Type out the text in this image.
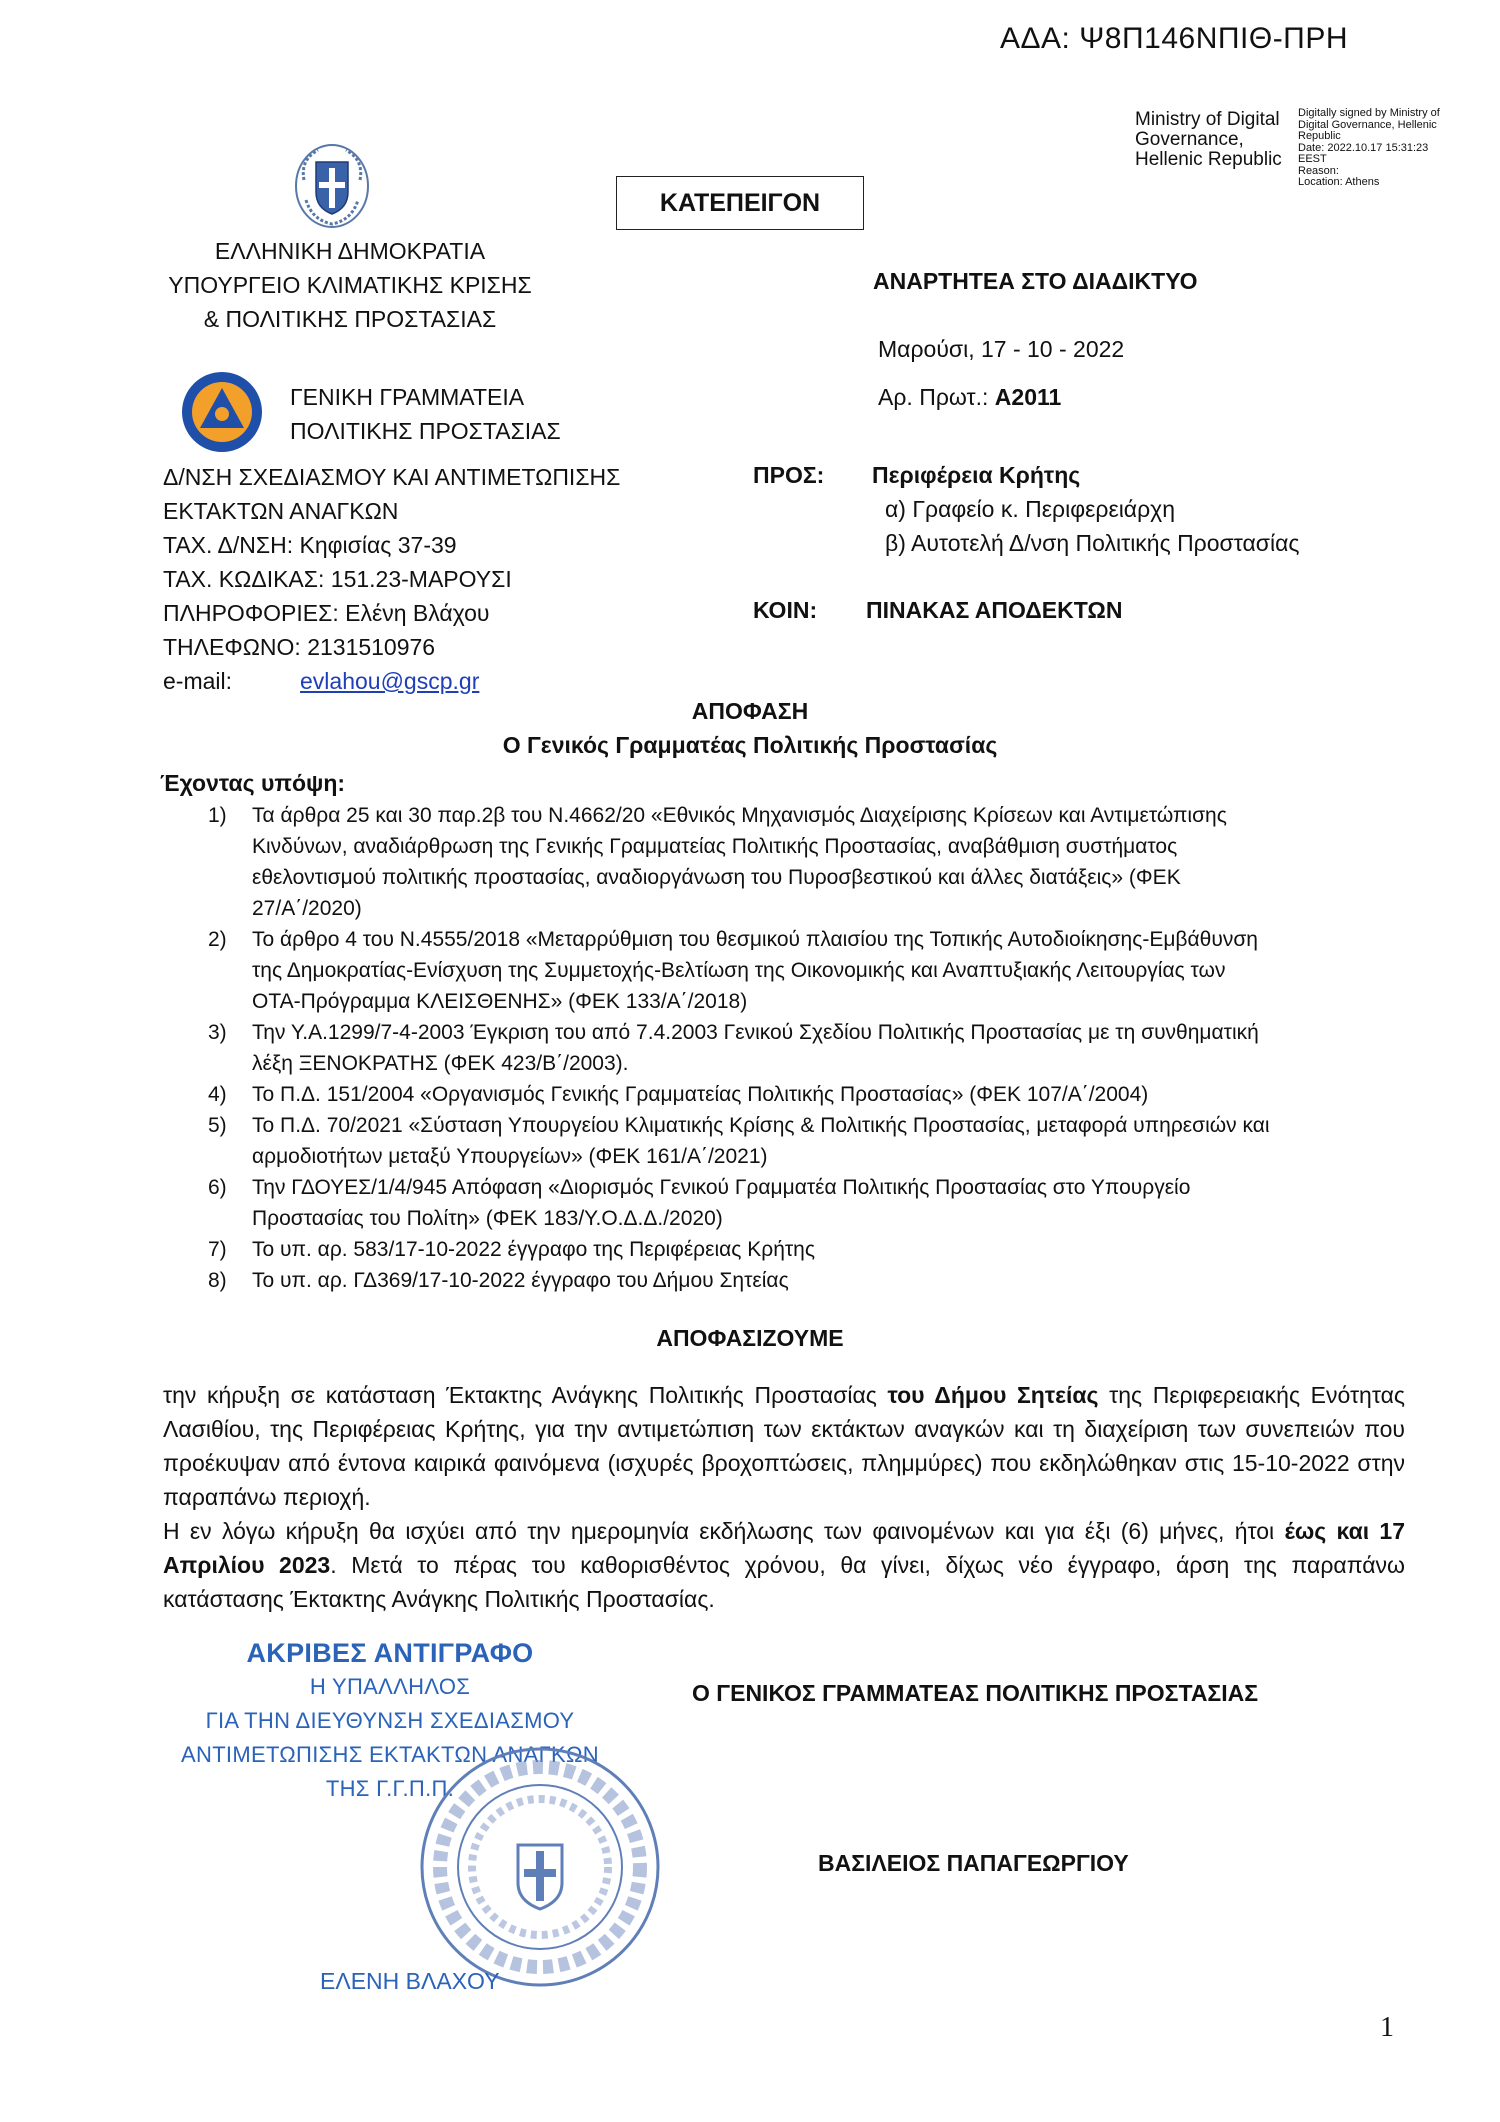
ΑΔΑ: Ψ8Π146ΝΠΙΘ-ΠΡΗ
Ministry of Digital
Governance,
Hellenic Republic
Digitally signed by Ministry of
Digital Governance, Hellenic
Republic
Date: 2022.10.17 15:31:23
EEST
Reason:
Location: Athens
ΚΑΤΕΠΕΙΓΟΝ
ΕΛΛΗΝΙΚΗ ΔΗΜΟΚΡΑΤΙΑ
ΥΠΟΥΡΓΕΙΟ ΚΛΙΜΑΤΙΚΗΣ ΚΡΙΣΗΣ
& ΠΟΛΙΤΙΚΗΣ ΠΡΟΣΤΑΣΙΑΣ
ΓΕΝΙΚΗ ΓΡΑΜΜΑΤΕΙΑ
ΠΟΛΙΤΙΚΗΣ ΠΡΟΣΤΑΣΙΑΣ
Δ/ΝΣΗ ΣΧΕΔΙΑΣΜΟΥ ΚΑΙ ΑΝΤΙΜΕΤΩΠΙΣΗΣ
ΕΚΤΑΚΤΩΝ ΑΝΑΓΚΩΝ
ΤΑΧ. Δ/ΝΣΗ: Κηφισίας 37-39
ΤΑΧ. ΚΩΔΙΚΑΣ: 151.23-ΜΑΡΟΥΣΙ
ΠΛΗΡΟΦΟΡΙΕΣ: Ελένη Βλάχου
ΤΗΛΕΦΩΝΟ: 2131510976
e-mail:	evlahou@gscp.gr
ΑΝΑΡΤΗΤΕΑ ΣΤΟ ΔΙΑΔΙΚΤΥΟ
Μαρούσι, 17 - 10 - 2022
Αρ. Πρωτ.: Α2011
ΠΡΟΣ: Περιφέρεια Κρήτης
α) Γραφείο κ. Περιφερειάρχη
β) Αυτοτελή Δ/νση Πολιτικής Προστασίας
ΚΟΙΝ: ΠΙΝΑΚΑΣ ΑΠΟΔΕΚΤΩΝ
ΑΠΟΦΑΣΗ
Ο Γενικός Γραμματέας Πολιτικής Προστασίας
Έχοντας υπόψη:
1)	Τα άρθρα 25 και 30 παρ.2β του Ν.4662/20 «Εθνικός Μηχανισμός Διαχείρισης Κρίσεων και Αντιμετώπισης
Κινδύνων, αναδιάρθρωση της Γενικής Γραμματείας Πολιτικής Προστασίας, αναβάθμιση συστήματος
εθελοντισμού πολιτικής προστασίας, αναδιοργάνωση του Πυροσβεστικού και άλλες διατάξεις» (ΦΕΚ
27/Α΄/2020)
2)	Το άρθρο 4 του Ν.4555/2018 «Μεταρρύθμιση του θεσμικού πλαισίου της Τοπικής Αυτοδιοίκησης-Εμβάθυνση
της Δημοκρατίας-Ενίσχυση της Συμμετοχής-Βελτίωση της Οικονομικής και Αναπτυξιακής Λειτουργίας των
ΟΤΑ-Πρόγραμμα ΚΛΕΙΣΘΕΝΗΣ» (ΦΕΚ 133/Α΄/2018)
3)	Την Υ.Α.1299/7-4-2003 Έγκριση του από 7.4.2003 Γενικού Σχεδίου Πολιτικής Προστασίας με τη συνθηματική
λέξη ΞΕΝΟΚΡΑΤΗΣ (ΦΕΚ 423/Β΄/2003).
4)	Το Π.Δ. 151/2004 «Οργανισμός Γενικής Γραμματείας Πολιτικής Προστασίας» (ΦΕΚ 107/Α΄/2004)
5)	Το Π.Δ. 70/2021 «Σύσταση Υπουργείου Κλιματικής Κρίσης & Πολιτικής Προστασίας, μεταφορά υπηρεσιών και
αρμοδιοτήτων μεταξύ Υπουργείων» (ΦΕΚ 161/Α΄/2021)
6)	Την ΓΔΟΥΕΣ/1/4/945 Απόφαση «Διορισμός Γενικού Γραμματέα Πολιτικής Προστασίας στο Υπουργείο
Προστασίας του Πολίτη» (ΦΕΚ 183/Υ.Ο.Δ.Δ./2020)
7)	Το υπ. αρ. 583/17-10-2022 έγγραφο της Περιφέρειας Κρήτης
8)	Το υπ. αρ. ΓΔ369/17-10-2022 έγγραφο του Δήμου Σητείας
ΑΠΟΦΑΣΙΖΟΥΜΕ

την κήρυξη σε κατάσταση Έκτακτης Ανάγκης Πολιτικής Προστασίας του Δήμου Σητείας της Περιφερειακής Ενότητας Λασιθίου, της Περιφέρειας Κρήτης, για την αντιμετώπιση των εκτάκτων αναγκών και τη διαχείριση των συνεπειών που προέκυψαν από έντονα καιρικά φαινόμενα (ισχυρές βροχοπτώσεις, πλημμύρες) που εκδηλώθηκαν στις 15-10-2022 στην παραπάνω περιοχή.

Η εν λόγω κήρυξη θα ισχύει από την ημερομηνία εκδήλωσης των φαινομένων και για έξι (6) μήνες, ήτοι έως και 17 Απριλίου 2023. Μετά το πέρας του καθορισθέντος χρόνου, θα γίνει, δίχως νέο έγγραφο, άρση της παραπάνω κατάστασης Έκτακτης Ανάγκης Πολιτικής Προστασίας.

ΑΚΡΙΒΕΣ ΑΝΤΙΓΡΑΦΟ
Η ΥΠΑΛΛΗΛΟΣ
ΓΙΑ ΤΗΝ ΔΙΕΥΘΥΝΣΗ ΣΧΕΔΙΑΣΜΟΥ
ΑΝΤΙΜΕΤΩΠΙΣΗΣ ΕΚΤΑΚΤΩΝ ΑΝΑΓΚΩΝ
ΤΗΣ Γ.Γ.Π.Π.
ΕΛΕΝΗ ΒΛΑΧΟΥ
Ο ΓΕΝΙΚΟΣ ΓΡΑΜΜΑΤΕΑΣ ΠΟΛΙΤΙΚΗΣ ΠΡΟΣΤΑΣΙΑΣ
ΒΑΣΙΛΕΙΟΣ ΠΑΠΑΓΕΩΡΓΙΟΥ
1
